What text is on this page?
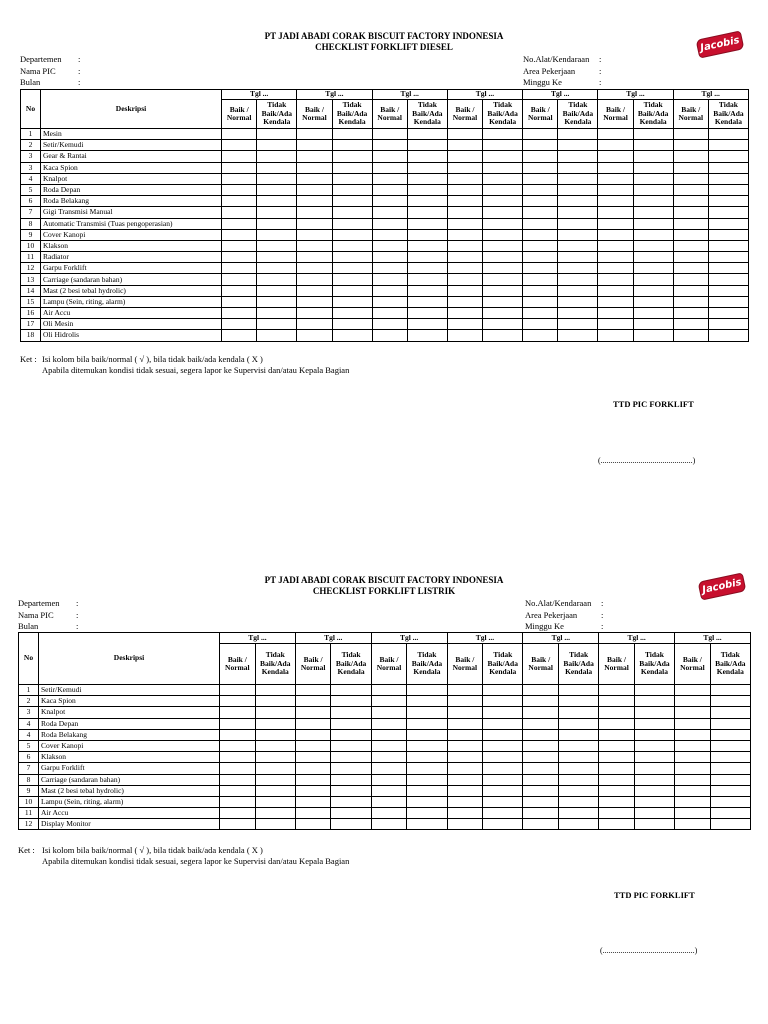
PT JADI ABADI CORAK BISCUIT FACTORY INDONESIA
CHECKLIST FORKLIFT DIESEL	Jacobis
Departemen	:
Nama PIC	:
Bulan	:
No.Alat/Kendaraan	:
Area Pekerjaan	:
Minggu Ke	:
No	Deskripsi	Tgl ...		Tgl ...		Tgl ...		Tgl ...		Tgl ...		Tgl ...		Tgl ...	
		Baik / Normal	Tidak Baik/Ada Kendala	Baik / Normal	Tidak Baik/Ada Kendala	Baik / Normal	Tidak Baik/Ada Kendala	Baik / Normal	Tidak Baik/Ada Kendala	Baik / Normal	Tidak Baik/Ada Kendala	Baik / Normal	Tidak Baik/Ada Kendala	Baik / Normal	Tidak Baik/Ada Kendala
1	Mesin														
2	Setir/Kemudi														
3	Gear & Rantai														
3	Kaca Spion														
4	Knalpot														
5	Roda Depan														
6	Roda Belakang														
7	Gigi Transmisi Manual														
8	Automatic Transmisi (Tuas pengoperasian)														
9	Cover Kanopi														
10	Klakson														
11	Radiator														
12	Garpu Forklift														
13	Carriage (sandaran bahan)														
14	Mast (2 besi tebal hydrolic)														
15	Lampu (Sein, riting, alarm)														
16	Air Accu														
17	Oli Mesin														
18	Oli Hidrolis														
Ket : Isi kolom bila baik/normal ( √ ), bila tidak baik/ada kendala ( X )
Apabila ditemukan kondisi tidak sesuai, segera lapor ke Supervisi dan/atau Kepala Bagian
TTD PIC FORKLIFT
(..............................................)
PT JADI ABADI CORAK BISCUIT FACTORY INDONESIA
CHECKLIST FORKLIFT LISTRIK	Jacobis
Departemen	:
Nama PIC	:
Bulan	:
No.Alat/Kendaraan	:
Area Pekerjaan	:
Minggu Ke	:
No	Deskripsi	Tgl ...		Tgl ...		Tgl ...		Tgl ...		Tgl ...		Tgl ...		Tgl ...	
		Baik / Normal	Tidak Baik/Ada Kendala	Baik / Normal	Tidak Baik/Ada Kendala	Baik / Normal	Tidak Baik/Ada Kendala	Baik / Normal	Tidak Baik/Ada Kendala	Baik / Normal	Tidak Baik/Ada Kendala	Baik / Normal	Tidak Baik/Ada Kendala	Baik / Normal	Tidak Baik/Ada Kendala
1	Setir/Kemudi														
2	Kaca Spion														
3	Knalpot														
4	Roda Depan														
4	Roda Belakang														
5	Cover Kanopi														
6	Klakson														
7	Garpu Forklift														
8	Carriage (sandaran bahan)														
9	Mast (2 besi tebal hydrolic)														
10	Lampu (Sein, riting, alarm)														
11	Air Accu														
12	Display Monitor														
Ket : Isi kolom bila baik/normal ( √ ), bila tidak baik/ada kendala ( X )
Apabila ditemukan kondisi tidak sesuai, segera lapor ke Supervisi dan/atau Kepala Bagian
TTD PIC FORKLIFT
(..............................................)
